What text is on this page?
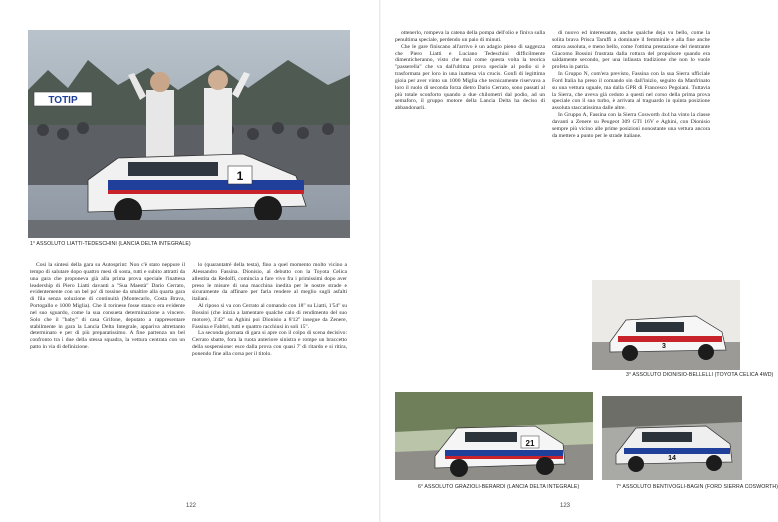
TOTIP
1
1° ASSOLUTO LIATTI-TEDESCHINI (LANCIA DELTA INTEGRALE)

Così la sintesi della gara su Autosprint: Non c'è stato neppure il tempo di salutare dopo quattro mesi di sosta, tutti e subito attratti da una gara che proponeva già alla prima prova speciale l'inattesa leadership di Piero Liatti davanti a "Sua Maestà" Dario Cerrato, evidentemente con un bel po' di tossine da smaltire alla quarta gara di fila senza soluzione di continuità (Montecarlo, Costa Brava, Portogallo e 1000 Miglia). Che il torinese fosse stanco era evidente nel suo sguardo, come la sua consueta determinazione a vincere. Solo che il "baby" di casa Grifone, deputato a rappresentare stabilmente in gara la Lancia Delta Integrale, appariva altrettanto determinato e per di più preparatissimo. A fine partenza un bel confronto tra i due della stessa squadra, la vettura centrata con un patto in via di definizione.

lo (quarantatré della testa), fino a quel momento molto vicino a Alessandro Fassina. Dionisio, al debutto con la Toyota Celica allestita da Redolfi, comincia a fare vivo fra i primissimi dopo aver preso le misure di una macchina inedita per le nostre strade e sicuramente da affinare per farla rendere al meglio sugli asfalti italiani.

Al riposo si va con Cerrato al comando con 18" su Liatti, 1'54" su Bossini (che inizia a lamentare qualche calo di rendimento del suo motore), 3'42" su Aghini poi Dionisio a 8'12" insegue da Zenere, Fassina e Fabbri, tutti e quattro racchiusi in soli 15".

La seconda giornata di gara si apre con il colpo di scena decisivo: Cerrato sbatte, fora la ruota anteriore sinistra e rompe un braccetto della sospensione: esce dalla prova con quasi 7' di ritardo e si ritira, ponendo fine alla corsa per il titolo.

122

ottenerlo, rompeva la catena della pompa dell'olio e finiva sulla penultima speciale, perdendo un paio di minuti.

Che le gare finiscano all'arrivo è un adagio pieno di saggezza che Piero Liatti e Luciano Tedeschini difficilmente dimenticheranno, visto che mai come questa volta la teorica "passerella" che va dall'ultima prova speciale al podio si è trasformata per loro in una inattesa via crucis. Gonfi di legittima gioia per aver vinto un 1000 Miglia che tecnicamente riservava a loro il ruolo di seconda forza dietro Dario Cerrato, sono passati al più totale sconforto quando a due chilometri dal podio, ad un semaforo, il gruppo motore della Lancia Delta ha deciso di abbandonarli.

di nuovo ed interessante, anche qualche deja vu bello, come la solita brava Prisca Taruffi a dominare il femminile e alla fine anche ottava assoluta, e meno bello, come l'ottima prestazione del rientrante Giacomo Bossini frustrata dalla rottura del propulsore quando era saldamente secondo, per una infausta tradizione che non lo vuole profeta in patria.

In Gruppo N, com'era previsto, Fassina con la sua Sierra ufficiale Ford Italia ha preso il comando sin dall'inizio, seguito da Manfrinato su una vettura uguale, ma dalla GPR di Francesco Pegoiani. Tuttavia la Sierra, che aveva già ceduto a questi nel corso della prima prova speciale con il suo turbo, è arrivata al traguardo in quinta posizione assoluta staccatissima dalle altre.

In Gruppo A, Fassina con la Sierra Cosworth 4x4 ha vinto la classe davanti a Zenere su Peugeot 309 GTI 16V e Aghini, con Dionisio sempre più vicino alle prime posizioni nonostante una vettura ancora da mettere a punto per le strade italiane.

3
3° ASSOLUTO DIONISIO-BELLELLI (TOYOTA CELICA 4WD)
21
6° ASSOLUTO GRAZIOLI-BERARDI (LANCIA DELTA INTEGRALE)
14
7° ASSOLUTO BENTIVOGLI-BAGIN (FORD SIERRA COSWORTH)
123
